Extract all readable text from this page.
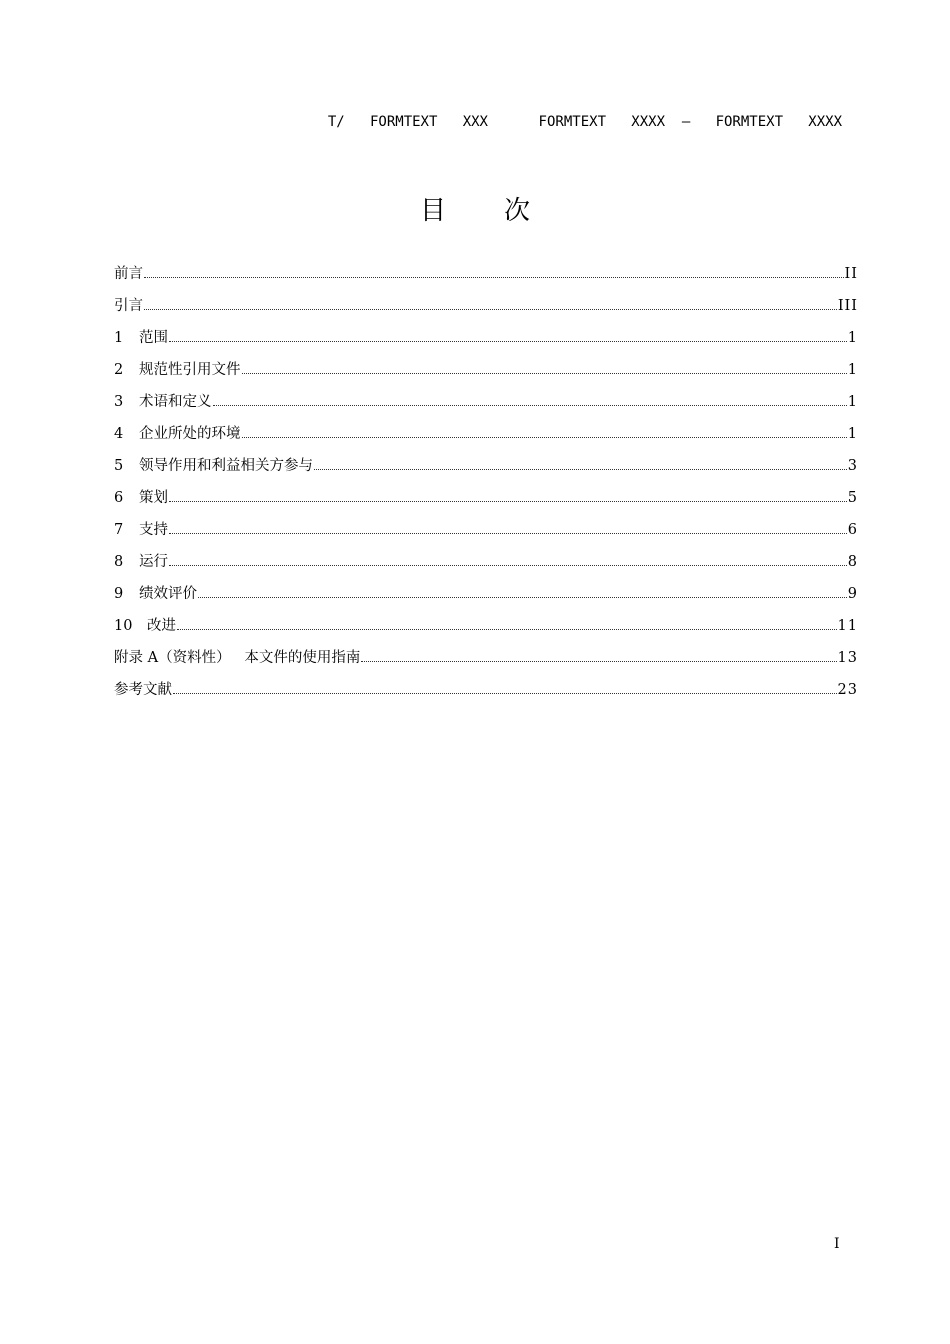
T/   FORMTEXT   XXX      FORMTEXT   XXXX  —   FORMTEXT   XXXX
目 次
前言	II
引言	III
1	范围	1
2	规范性引用文件	1
3	术语和定义	1
4	企业所处的环境	1
5	领导作用和利益相关方参与	3
6	策划	5
7	支持	6
8	运行	8
9	绩效评价	9
10	改进	11
附录 A（资料性）   本文件的使用指南	13
参考文献	23
I
